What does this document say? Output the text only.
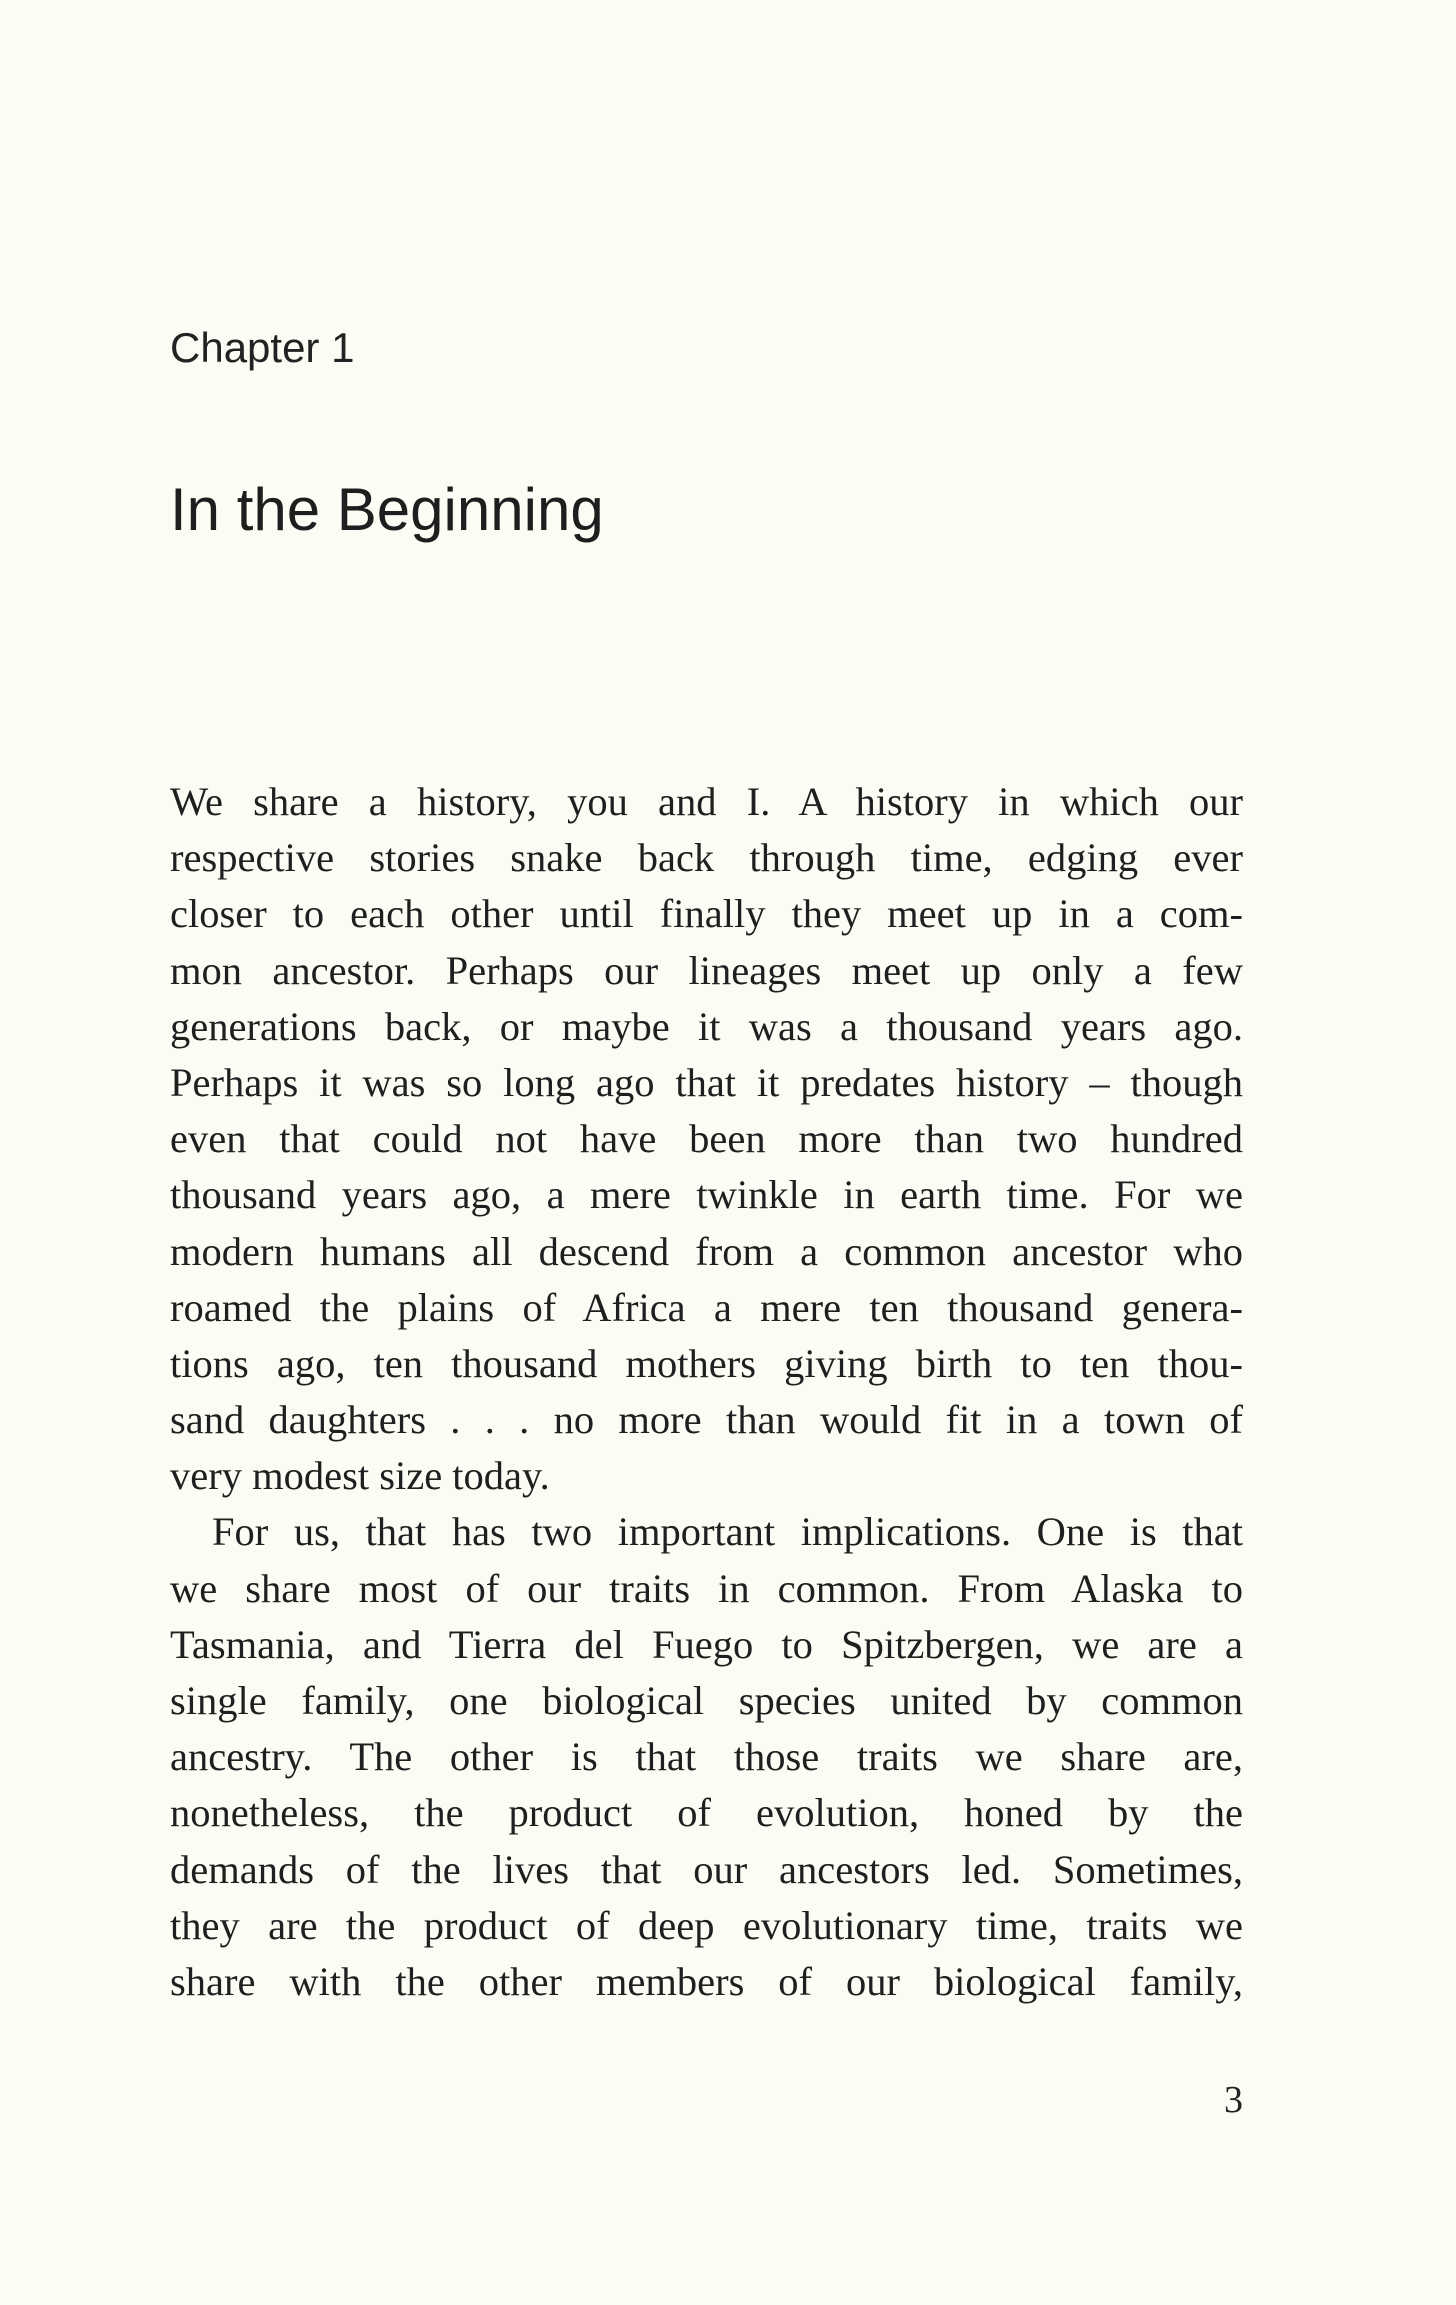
Chapter 1
In the Beginning
We share a history, you and I. A history in which our
respective stories snake back through time, edging ever
closer to each other until finally they meet up in a com-
mon ancestor. Perhaps our lineages meet up only a few
generations back, or maybe it was a thousand years ago.
Perhaps it was so long ago that it predates history – though
even that could not have been more than two hundred
thousand years ago, a mere twinkle in earth time. For we
modern humans all descend from a common ancestor who
roamed the plains of Africa a mere ten thousand genera-
tions ago, ten thousand mothers giving birth to ten thou-
sand daughters . . . no more than would fit in a town of
very modest size today.
For us, that has two important implications. One is that
we share most of our traits in common. From Alaska to
Tasmania, and Tierra del Fuego to Spitzbergen, we are a
single family, one biological species united by common
ancestry. The other is that those traits we share are,
nonetheless, the product of evolution, honed by the
demands of the lives that our ancestors led. Sometimes,
they are the product of deep evolutionary time, traits we
share with the other members of our biological family,
3
